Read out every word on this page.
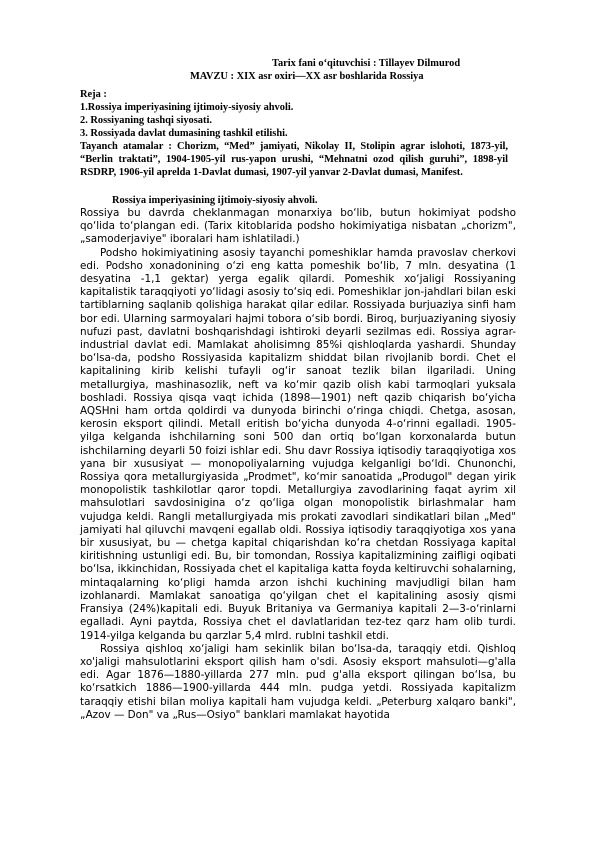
Tarix fani o‘qituvchisi : Tillayev Dilmurod
MAVZU : XIX asr oxiri—XX asr boshlarida Rossiya
Reja :
1.Rossiya imperiyasining ijtimoiy-siyosiy ahvoli.
2. Rossiyaning tashqi siyosati.
3. Rossiyada davlat dumasining tashkil etilishi.
Tayanch atamalar : Chorizm, “Med” jamiyati, Nikolay II, Stolipin agrar islohoti, 1873-yil, “Berlin traktati”, 1904-1905-yil rus-yapon urushi, “Mehnatni ozod qilish guruhi”, 1898-yil RSDRP, 1906-yil aprelda 1-Davlat dumasi, 1907-yil yanvar 2-Davlat dumasi, Manifest.
Rossiya imperiyasining ijtimoiy-siyosiy ahvoli.

Rossiya bu davrda cheklanmagan monarxiya bo‘lib, butun hokimiyat podsho qo‘lida to‘plangan edi. (Tarix kitoblarida podsho hokimiyatiga nisbatan „chorizm", „samoderjaviye" iboralari ham ishlatiladi.)

Podsho hokimiyatining asosiy tayanchi pomeshiklar hamda pravoslav cherkovi edi. Podsho xonadonining o‘zi eng katta pomeshik bo‘lib, 7 mln. desyatina (1 desyatina -1,1 gektar) yerga egalik qilardi. Pomeshik xo‘jaligi Rossiyaning kapitalistik taraqqiyoti yo‘lidagi asosiy to‘siq edi. Pomeshiklar jon-jahdlari bilan eski tartiblarning saqlanib qolishiga harakat qilar edilar. Rossiyada burjuaziya sinfi ham bor edi. Ularning sarmoyalari hajmi tobora o‘sib bordi. Biroq, burjuaziyaning siyosiy nufuzi past, davlatni boshqarishdagi ishtiroki deyarli sezilmas edi. Rossiya agrar-industrial davlat edi. Mamlakat aholisimng 85%i qishloqlarda yashardi. Shunday bo‘lsa-da, podsho Rossiyasida kapitalizm shiddat bilan rivojlanib bordi. Chet el kapitalining kirib kelishi tufayli og‘ir sanoat tezlik bilan ilgariladi. Uning metallurgiya, mashinasozlik, neft va ko‘mir qazib olish kabi tarmoqlari yuksala boshladi. Rossiya qisqa vaqt ichida (1898—1901) neft qazib chiqarish bo‘yicha AQSHni ham ortda qoldirdi va dunyoda birinchi o‘ringa chiqdi. Chetga, asosan, kerosin eksport qilindi. Metall eritish bo‘yicha dunyoda 4-o‘rinni egalladi. 1905-yilga kelganda ishchilarning soni 500 dan ortiq bo‘lgan korxonalarda butun ishchilarning deyarli 50 foizi ishlar edi. Shu davr Rossiya iqtisodiy taraqqiyotiga xos yana bir xususiyat — monopoliyalarning vujudga kelganligi bo‘ldi. Chunonchi, Rossiya qora metallurgiyasida „Prodmet", ko‘mir sanoatida „Produgol" degan yirik monopolistik tashkilotlar qaror topdi. Metallurgiya zavodlarining faqat ayrim xil mahsulotlari savdosinigina o‘z qo‘liga olgan monopolistik birlashmalar ham vujudga keldi. Rangli metallurgiyada mis prokati zavodlari sindikatlari bilan „Med" jamiyati hal qiluvchi mavqeni egallab oldi. Rossiya iqtisodiy taraqqiyotiga xos yana bir xususiyat, bu — chetga kapital chiqarishdan ko‘ra chetdan Rossiyaga kapital kiritishning ustunligi edi. Bu, bir tomondan, Rossiya kapitalizmining zaifligi oqibati bo‘lsa, ikkinchidan, Rossiyada chet el kapitaliga katta foyda keltiruvchi sohalarning, mintaqalarning ko‘pligi hamda arzon ishchi kuchining mavjudligi bilan ham izohlanardi. Mamlakat sanoatiga qo‘yilgan chet el kapitalining asosiy qismi Fransiya (24%)kapitali edi. Buyuk Britaniya va Germaniya kapitali 2—3-o‘rinlarni egalladi. Ayni paytda, Rossiya chet el davlatlaridan tez-tez qarz ham olib turdi. 1914-yilga kelganda bu qarzlar 5,4 mlrd. rublni tashkil etdi.

Rossiya qishloq xo‘jaligi ham sekinlik bilan bo‘lsa-da, taraqqiy etdi. Qishloq xo'jaligi mahsulotlarini eksport qilish ham o'sdi. Asosiy eksport mahsuloti—g'alla edi. Agar 1876—1880-yillarda 277 mln. pud g'alla eksport qilingan bo‘lsa, bu ko‘rsatkich 1886—1900-yillarda 444 mln. pudga yetdi. Rossiyada kapitalizm taraqqiy etishi bilan moliya kapitali ham vujudga keldi. „Peterburg xalqaro banki", „Azov — Don" va „Rus—Osiyo" banklari mamlakat hayotida
